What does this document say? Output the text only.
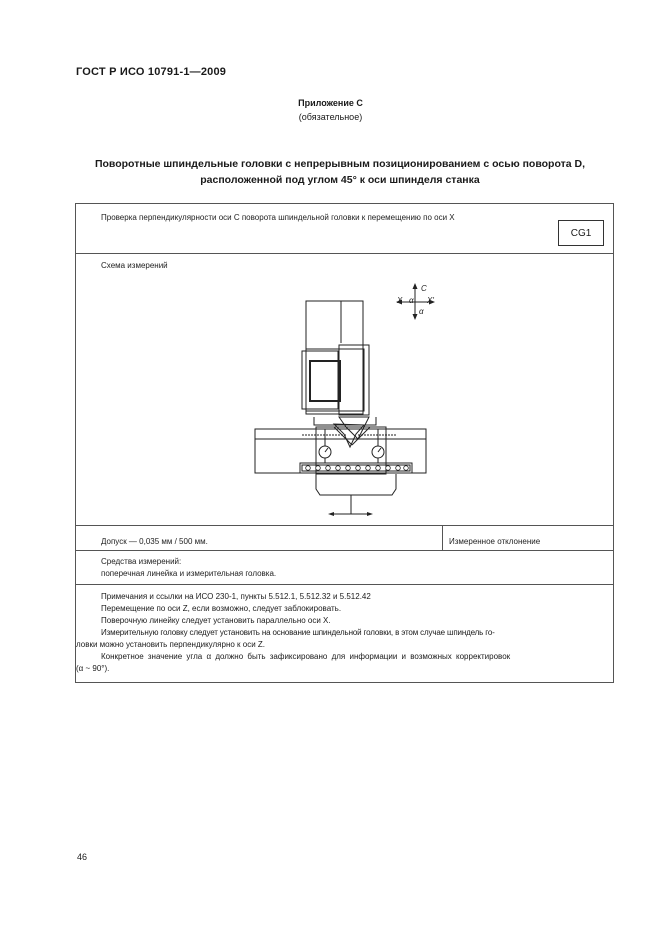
ГОСТ Р ИСО 10791-1—2009
Приложение С
(обязательное)
Поворотные шпиндельные головки с непрерывным позиционированием с осью поворота D,
расположенной под углом 45° к оси шпинделя станка
Проверка перпендикулярности оси C поворота шпиндельной головки к перемещению по оси X
CG1
Схема измерений
C
X α X'
α
Допуск — 0,035 мм / 500 мм.	Измеренное отклонение
Средства измерений:
поперечная линейка и измерительная головка.
Примечания и ссылки на ИСО 230-1, пункты 5.512.1, 5.512.32 и 5.512.42
Перемещение по оси Z, если возможно, следует заблокировать.
Поверочную линейку следует установить параллельно оси X.
Измерительную головку следует установить на основание шпиндельной головки, в этом случае шпиндель го-
ловки можно установить перпендикулярно к оси Z.
Конкретное значение угла α должно быть зафиксировано для информации и возможных корректировок
(α ~ 90°).
46
